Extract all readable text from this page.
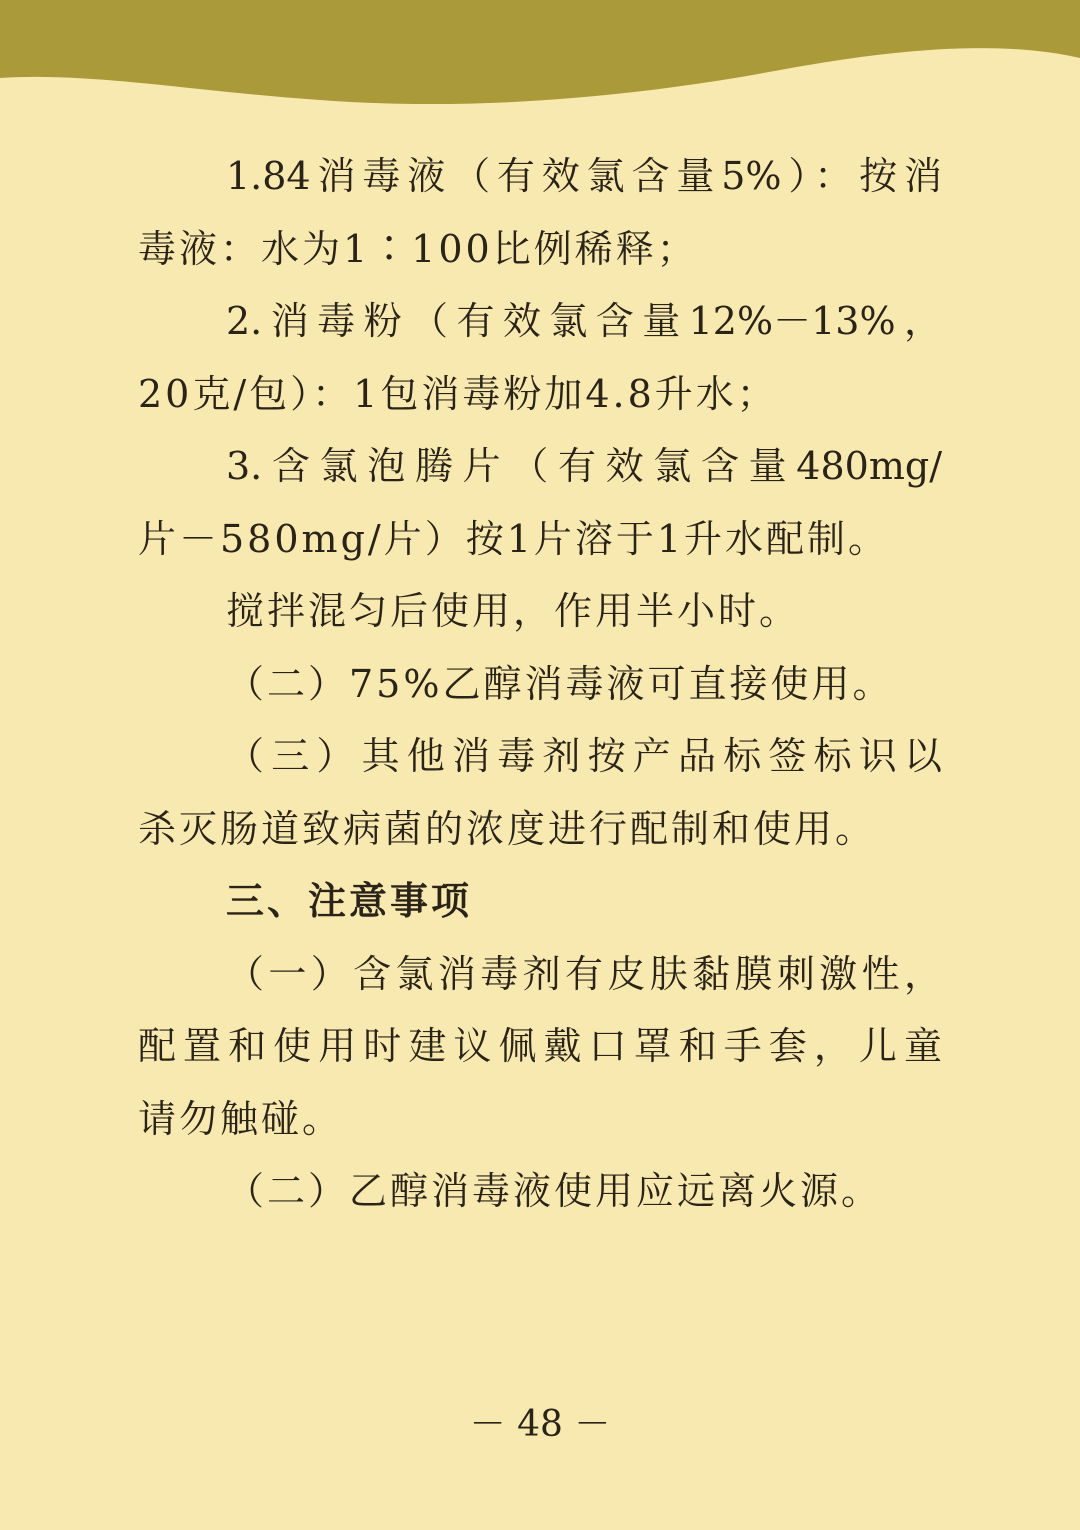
1.84消毒液（有效氯含量5%）：按消
毒液：水为1∶100比例稀释；
2.消毒粉（有效氯含量12%－13%，
20克/包）：1包消毒粉加4.8升水；
3.含氯泡腾片（有效氯含量480mg/
片－580mg/片）按1片溶于1升水配制。
搅拌混匀后使用，作用半小时。
（二）75%乙醇消毒液可直接使用。
（三）其他消毒剂按产品标签标识以
杀灭肠道致病菌的浓度进行配制和使用。
三、注意事项
（一）含氯消毒剂有皮肤黏膜刺激性，
配置和使用时建议佩戴口罩和手套，儿童
请勿触碰。
（二）乙醇消毒液使用应远离火源。
－ 48 －
